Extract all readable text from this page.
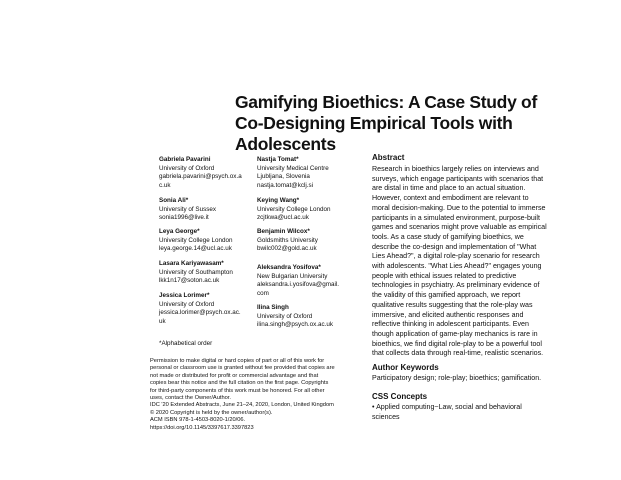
Gamifying Bioethics: A Case Study of Co-Designing Empirical Tools with Adolescents
Gabriela Pavarini
University of Oxford
gabriela.pavarini@psych.ox.a
c.uk
Sonia Ali*
University of Sussex
sonia1996@live.it
Leya George*
University College London
leya.george.14@ucl.ac.uk
Lasara Kariyawasam*
University of Southampton
lkk1n17@soton.ac.uk
Jessica Lorimer*
University of Oxford
jessica.lorimer@psych.ox.ac.
uk
Nastja Tomat*
University Medical Centre
Ljubljana, Slovenia
nastja.tomat@kclj.si
Keying Wang*
University College London
zcjtkwa@ucl.ac.uk
Benjamin Wilcox*
Goldsmiths University
bwilc002@gold.ac.uk
Aleksandra Yosifova*
New Bulgarian University
aleksandra.i.yosifova@gmail.
com
Ilina Singh
University of Oxford
ilina.singh@psych.ox.ac.uk
*Alphabetical order
Permission to make digital or hard copies of part or all of this work for
personal or classroom use is granted without fee provided that copies are
not made or distributed for profit or commercial advantage and that
copies bear this notice and the full citation on the first page. Copyrights
for third-party components of this work must be honored. For all other
uses, contact the Owner/Author.
IDC '20 Extended Abstracts, June 21–24, 2020, London, United Kingdom
© 2020 Copyright is held by the owner/author(s).
ACM ISBN 978-1-4503-8020-1/20/06.
https://doi.org/10.1145/3397617.3397823
Abstract
Research in bioethics largely relies on interviews and
surveys, which engage participants with scenarios that
are distal in time and place to an actual situation.
However, context and embodiment are relevant to
moral decision-making. Due to the potential to immerse
participants in a simulated environment, purpose-built
games and scenarios might prove valuable as empirical
tools. As a case study of gamifying bioethics, we
describe the co-design and implementation of "What
Lies Ahead?", a digital role-play scenario for research
with adolescents. "What Lies Ahead?" engages young
people with ethical issues related to predictive
technologies in psychiatry. As preliminary evidence of
the validity of this gamified approach, we report
qualitative results suggesting that the role-play was
immersive, and elicited authentic responses and
reflective thinking in adolescent participants. Even
though application of game-play mechanics is rare in
bioethics, we find digital role-play to be a powerful tool
that collects data through real-time, realistic scenarios.
Author Keywords
Participatory design; role-play; bioethics; gamification.
CSS Concepts
• Applied computing~Law, social and behavioral
sciences
